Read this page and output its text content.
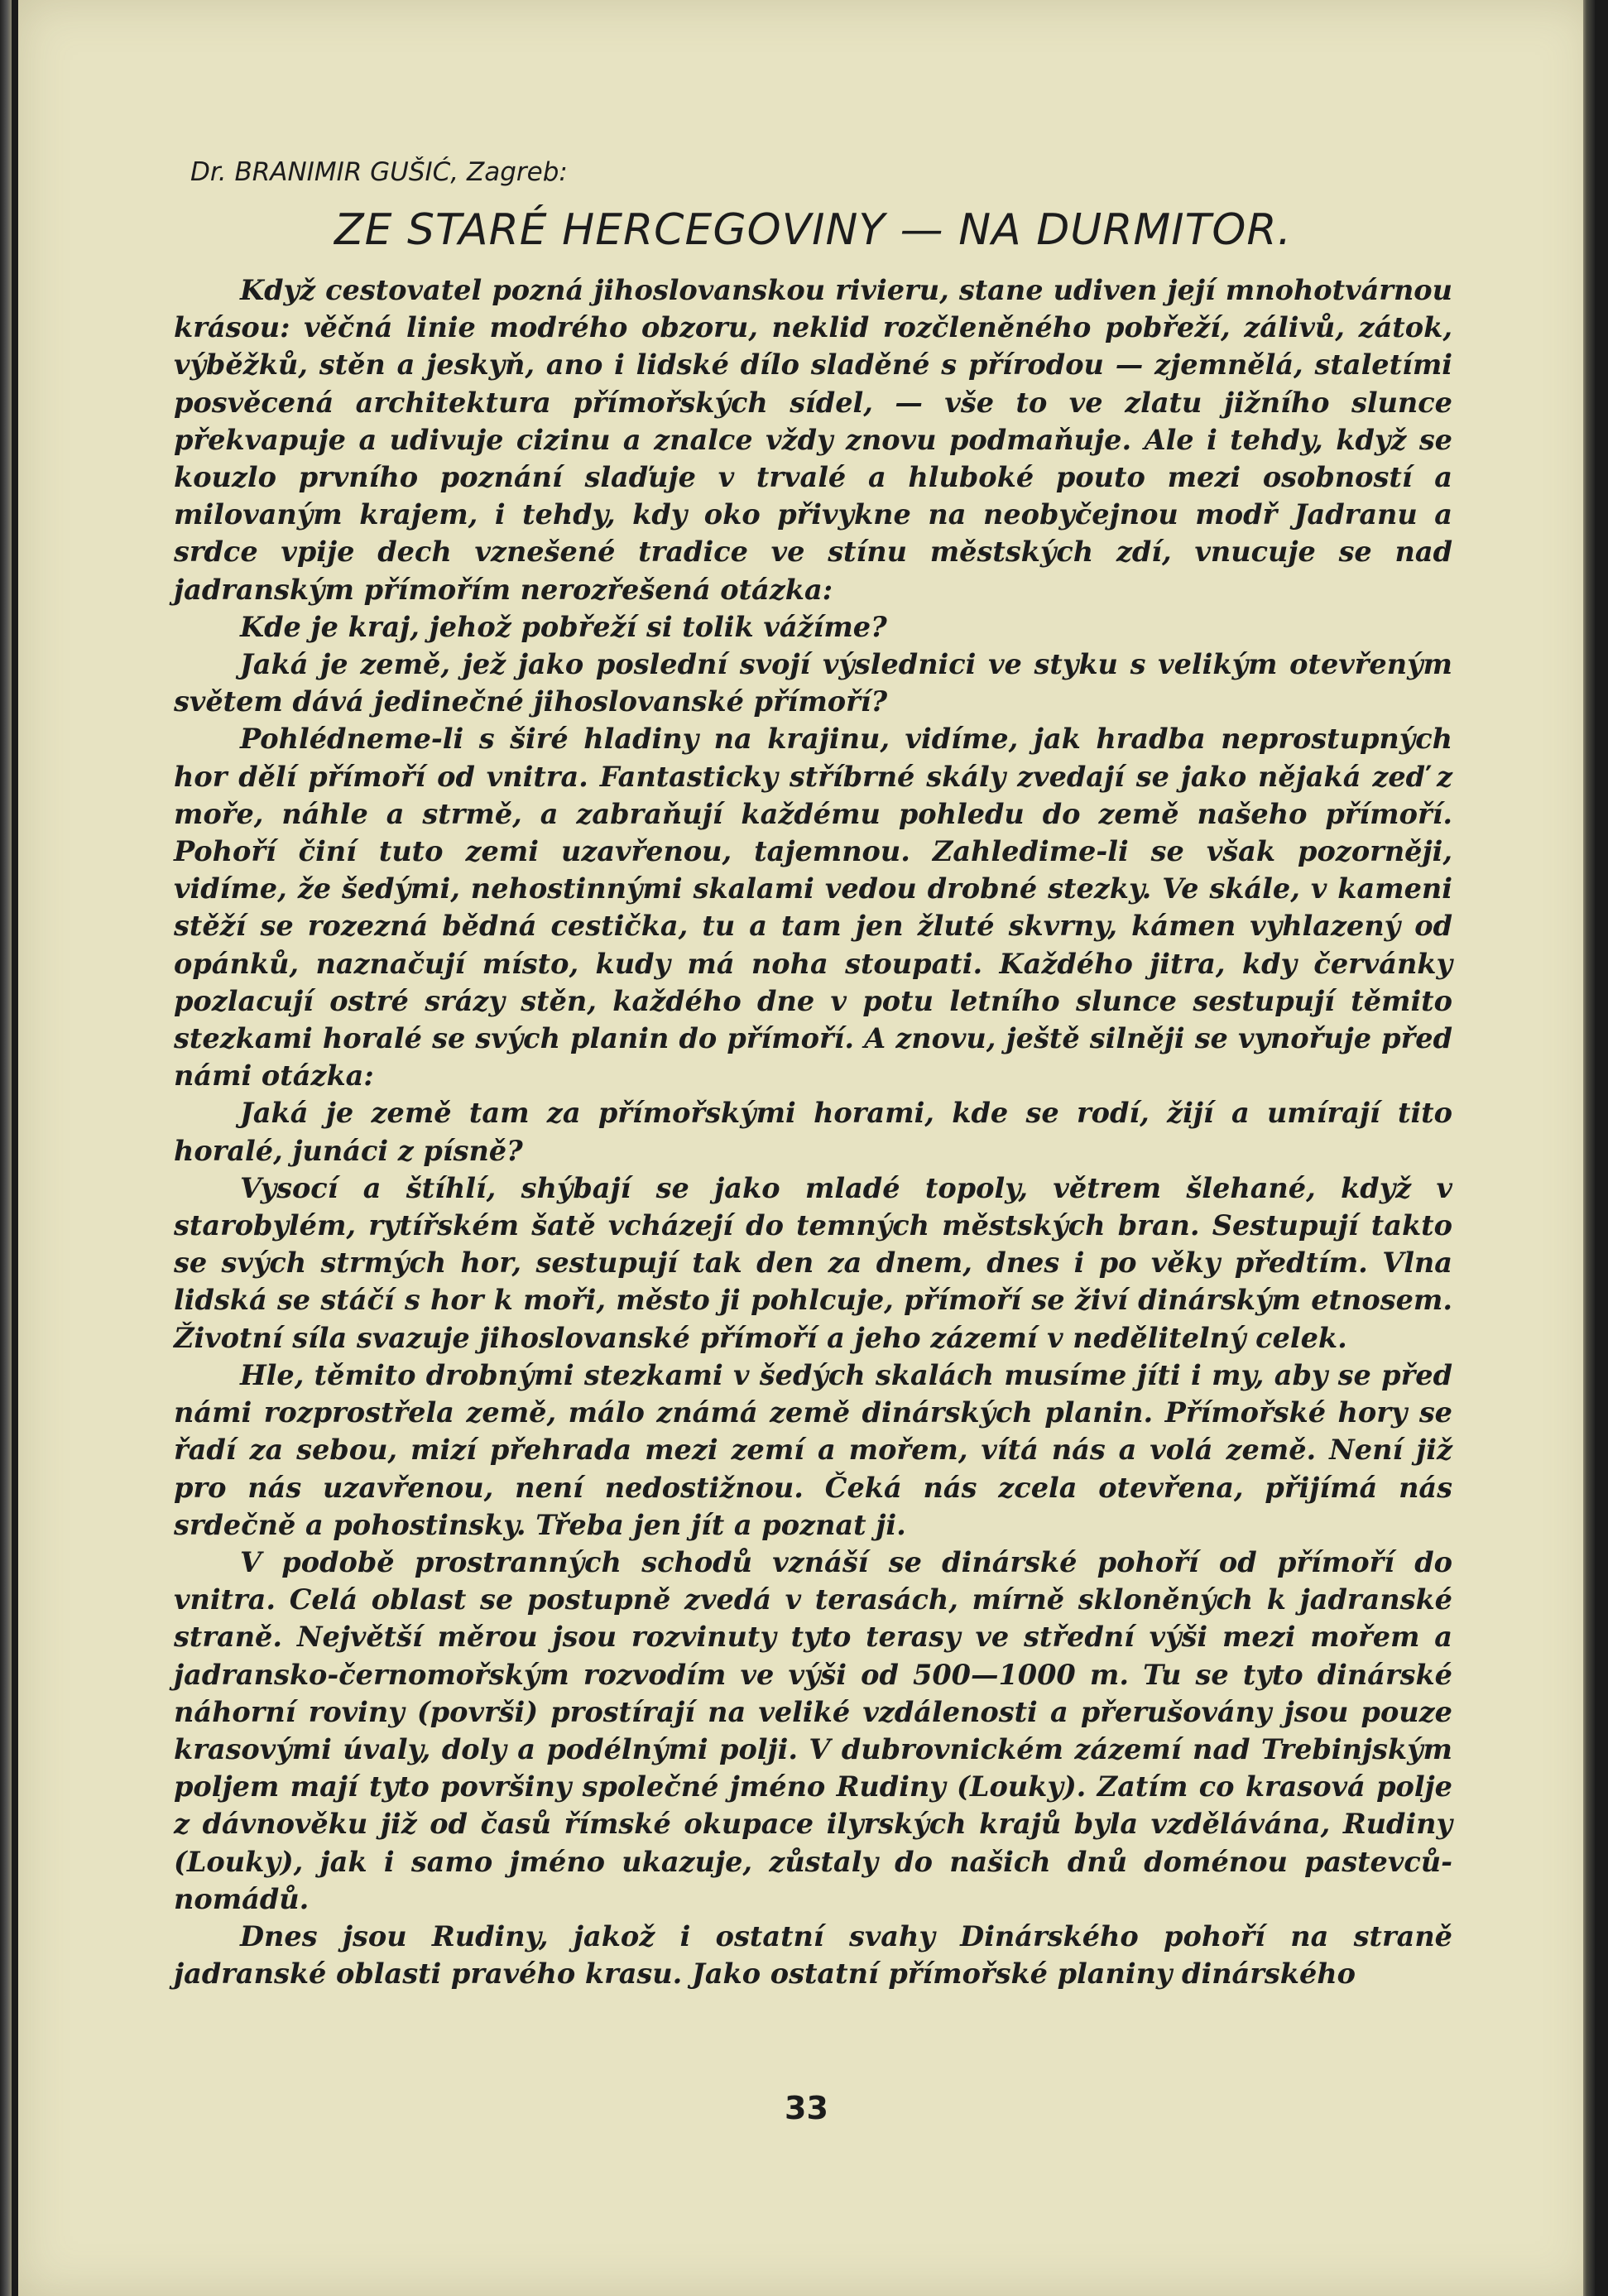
Dr. BRANIMIR GUŠIĆ, Zagreb:
ZE STARÉ HERCEGOVINY — NA DURMITOR.

Když cestovatel pozná jihoslovanskou rivieru, stane udiven její mnohotvárnou krásou: věčná linie modrého obzoru, neklid rozčleněného pobřeží, zálivů, zátok, výběžků, stěn a jeskyň, ano i lidské dílo sladěné s přírodou — zjemnělá, staletími posvěcená architektura přímořských sídel, — vše to ve zlatu jižního slunce překvapuje a udivuje cizinu a znalce vždy znovu podmaňuje. Ale i tehdy, když se kouzlo prvního poznání slaďuje v trvalé a hluboké pouto mezi osobností a milovaným krajem, i tehdy, kdy oko přivykne na neobyčejnou modř Jadranu a srdce vpije dech vznešené tradice ve stínu městských zdí, vnucuje se nad jadranským přímořím nerozřešená otázka:

Kde je kraj, jehož pobřeží si tolik vážíme?

Jaká je země, jež jako poslední svojí výslednici ve styku s velikým otevřeným světem dává jedinečné jihoslovanské přímoří?

Pohlédneme-li s širé hladiny na krajinu, vidíme, jak hradba neprostupných hor dělí přímoří od vnitra. Fantasticky stříbrné skály zvedají se jako nějaká zeď z moře, náhle a strmě, a zabraňují každému pohledu do země našeho přímoří. Pohoří činí tuto zemi uzavřenou, tajemnou. Zahledime-li se však pozorněji, vidíme, že šedými, nehostinnými skalami vedou drobné stezky. Ve skále, v kameni stěží se rozezná bědná cestička, tu a tam jen žluté skvrny, kámen vyhlazený od opánků, naznačují místo, kudy má noha stoupati. Každého jitra, kdy červánky pozlacují ostré srázy stěn, každého dne v potu letního slunce sestupují těmito stezkami horalé se svých planin do přímoří. A znovu, ještě silněji se vynořuje před námi otázka:

Jaká je země tam za přímořskými horami, kde se rodí, žijí a umírají tito horalé, junáci z písně?

Vysocí a štíhlí, shýbají se jako mladé topoly, větrem šlehané, když v starobylém, rytířském šatě vcházejí do temných městských bran. Sestupují takto se svých strmých hor, sestupují tak den za dnem, dnes i po věky předtím. Vlna lidská se stáčí s hor k moři, město ji pohlcuje, přímoří se živí dinárským etnosem. Životní síla svazuje jihoslovanské přímoří a jeho zázemí v nedělitelný celek.

Hle, těmito drobnými stezkami v šedých skalách musíme jíti i my, aby se před námi rozprostřela země, málo známá země dinárských planin. Přímořské hory se řadí za sebou, mizí přehrada mezi zemí a mořem, vítá nás a volá země. Není již pro nás uzavřenou, není nedostižnou. Čeká nás zcela otevřena, přijímá nás srdečně a pohostinsky. Třeba jen jít a poznat ji.

V podobě prostranných schodů vznáší se dinárské pohoří od přímoří do vnitra. Celá oblast se postupně zvedá v terasách, mírně skloněných k jadranské straně. Největší měrou jsou rozvinuty tyto terasy ve střední výši mezi mořem a jadransko-černomořským rozvodím ve výši od 500—1000 m. Tu se tyto dinárské náhorní roviny (površi) prostírají na veliké vzdálenosti a přerušovány jsou pouze krasovými úvaly, doly a podélnými polji. V dubrovnickém zázemí nad Trebinjským poljem mají tyto površiny společné jméno Rudiny (Louky). Zatím co krasová polje z dávnověku již od časů římské okupace ilyrských krajů byla vzdělávána, Rudiny (Louky), jak i samo jméno ukazuje, zůstaly do našich dnů doménou pastevců-nomádů.

Dnes jsou Rudiny, jakož i ostatní svahy Dinárského pohoří na straně jadranské oblasti pravého krasu. Jako ostatní přímořské planiny dinárského

33
